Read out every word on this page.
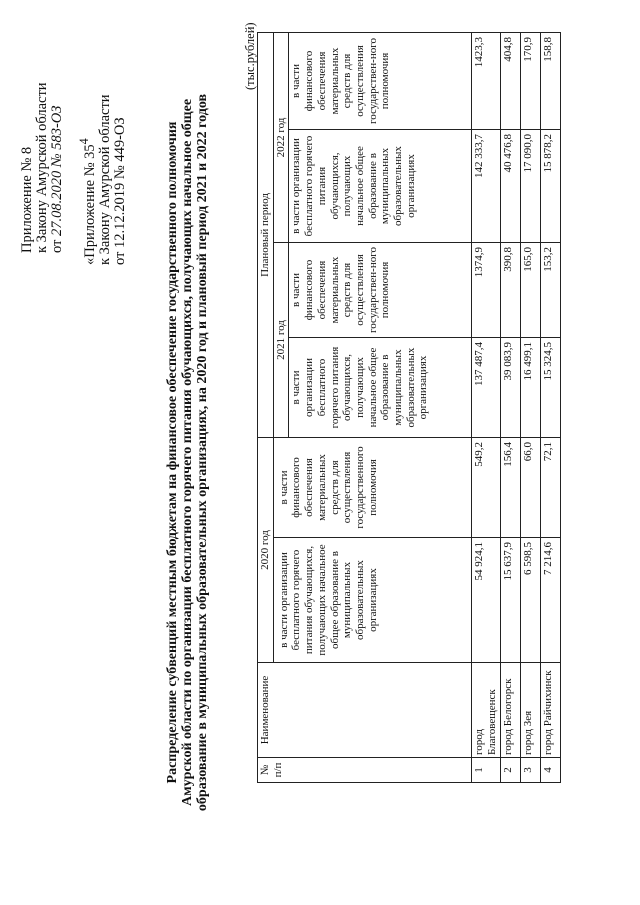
Приложение № 8 к Закону Амурской области от 27.08.2020 № 583-ОЗ	«Приложение № $35^4$ к Закону Амурской области от 12.12.2019 № 449-ОЗ	Распределение субвенций местным бюджетам на финансовое обеспечение государственного полномочия Амурской области по организации бесплатного горячего питания обучающихся, получающих начальное общее образование в муниципальных образовательных организациях, на 2020 год и плановый период 2021 и 2022 годов
(тыс.рублей)
№ п/п	Наименование	2020 год		Плановый период			
		в части организации бесплатного горячего питания обучающихся, получающих начальное общее образование в муниципальных образовательных организациях	в части финансового обеспечения материальных средств для осуществления государственного полномочия	2021 год		2022 год	
				в части организации бесплатного горячего питания обучающихся, получающих начальное общее образование в муниципальных образовательных организациях	в части финансового обеспечения материальных средств для осуществления государствен-ного полномочия	в части организации бесплатного горячего питания обучающихся, получающих начальное общее образование в муниципальных образовательных организациях	в части финансового обеспечения материальных средств для осуществления государствен-ного полномочия
1	город Благовещенск	54 924,1	549,2	137 487,4	1374,9	142 333,7	1423,3
2	город Белогорск	15 637,9	156,4	39 083,9	390,8	40 476,8	404,8
3	город Зея	6 598,5	66,0	16 499,1	165,0	17 090,0	170,9
4	город Райчихинск	7 214,6	72,1	15 324,5	153,2	15 878,2	158,8
